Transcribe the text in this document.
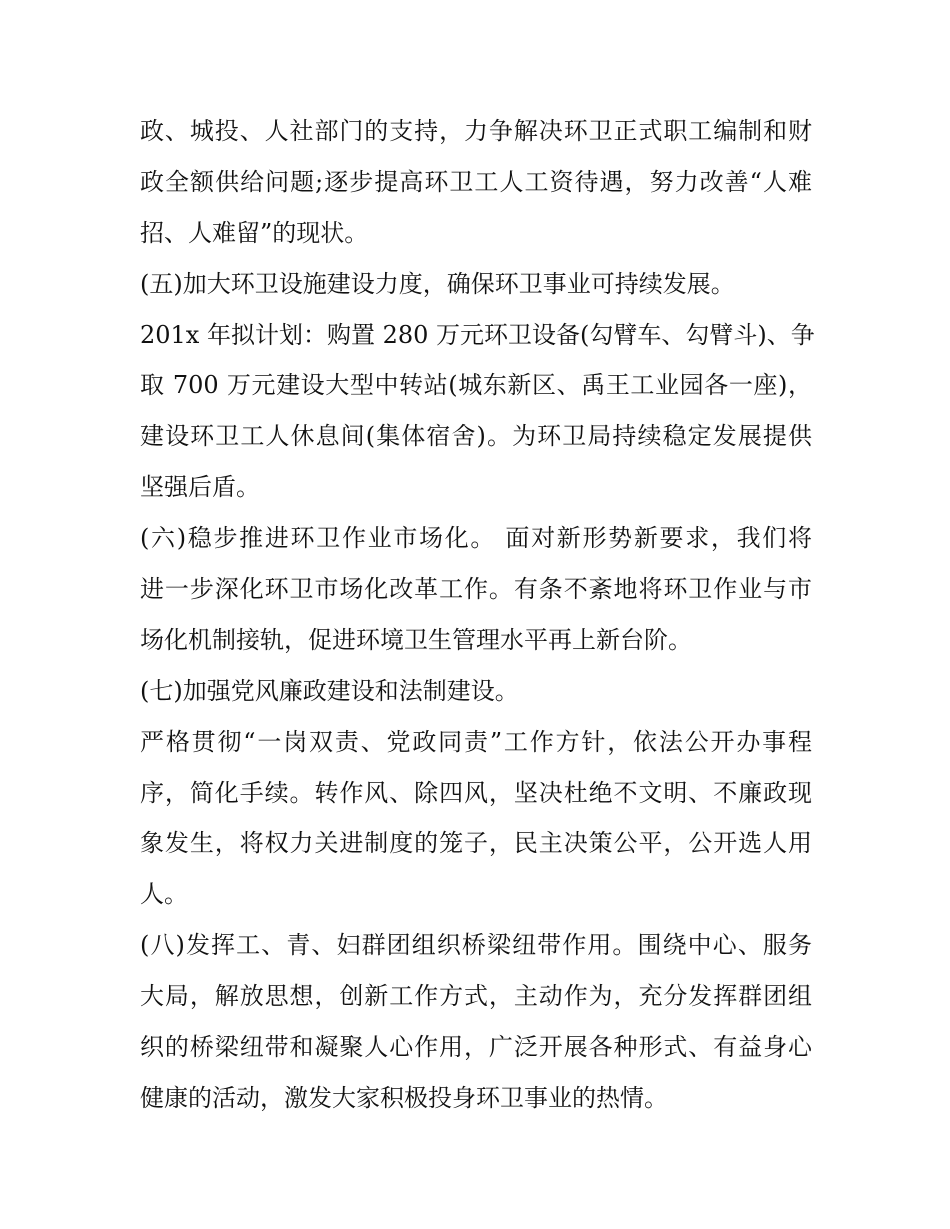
政、城投、人社部门的支持，力争解决环卫正式职工编制和财
政全额供给问题;逐步提高环卫工人工资待遇，努力改善“人难
招、人难留”的现状。
(五)加大环卫设施建设力度，确保环卫事业可持续发展。
201x 年拟计划：购置 280 万元环卫设备(勾臂车、勾臂斗)、争
取 700 万元建设大型中转站(城东新区、禹王工业园各一座)，
建设环卫工人休息间(集体宿舍)。为环卫局持续稳定发展提供
坚强后盾。
(六)稳步推进环卫作业市场化。 面对新形势新要求，我们将
进一步深化环卫市场化改革工作。有条不紊地将环卫作业与市
场化机制接轨，促进环境卫生管理水平再上新台阶。
(七)加强党风廉政建设和法制建设。
严格贯彻“一岗双责、党政同责”工作方针，依法公开办事程
序，简化手续。转作风、除四风，坚决杜绝不文明、不廉政现
象发生，将权力关进制度的笼子，民主决策公平，公开选人用
人。
(八)发挥工、青、妇群团组织桥梁纽带作用。围绕中心、服务
大局，解放思想，创新工作方式，主动作为，充分发挥群团组
织的桥梁纽带和凝聚人心作用，广泛开展各种形式、有益身心
健康的活动，激发大家积极投身环卫事业的热情。
